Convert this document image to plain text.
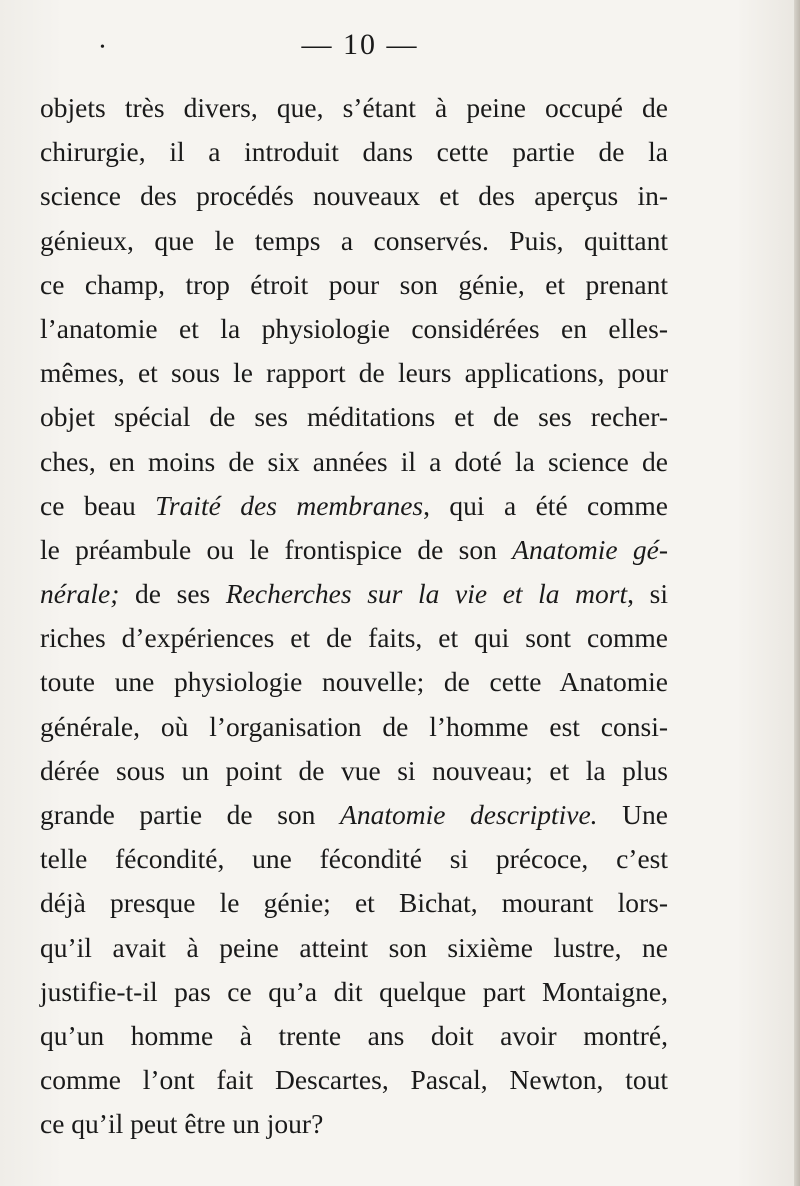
•	— 10 —
objets très divers, que, s’étant à peine occupé de
chirurgie, il a introduit dans cette partie de la
science des procédés nouveaux et des aperçus in-
génieux, que le temps a conservés. Puis, quittant
ce champ, trop étroit pour son génie, et prenant
l’anatomie et la physiologie considérées en elles-
mêmes, et sous le rapport de leurs applications, pour
objet spécial de ses méditations et de ses recher-
ches, en moins de six années il a doté la science de
ce beau Traité des membranes, qui a été comme
le préambule ou le frontispice de son Anatomie gé-
nérale; de ses Recherches sur la vie et la mort, si
riches d’expériences et de faits, et qui sont comme
toute une physiologie nouvelle; de cette Anatomie
générale, où l’organisation de l’homme est consi-
dérée sous un point de vue si nouveau; et la plus
grande partie de son Anatomie descriptive. Une
telle fécondité, une fécondité si précoce, c’est
déjà presque le génie; et Bichat, mourant lors-
qu’il avait à peine atteint son sixième lustre, ne
justifie-t-il pas ce qu’a dit quelque part Montaigne,
qu’un homme à trente ans doit avoir montré,
comme l’ont fait Descartes, Pascal, Newton, tout
ce qu’il peut être un jour?
